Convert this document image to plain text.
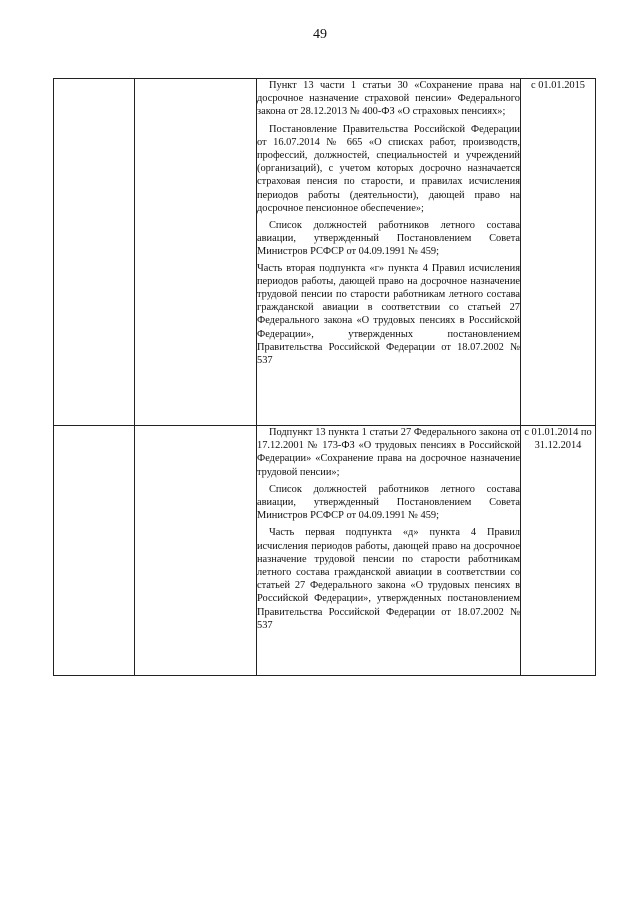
49

		Пункт 13 части 1 статьи 30 «Сохранение права на досрочное назначение страховой пенсии» Федерального закона от 28.12.2013 № 400-ФЗ «О страховых пенсиях»;

Постановление Правительства Российской Федерации от 16.07.2014 № 665 «О списках работ, производств, профессий, должностей, специальностей и учреждений (организаций), с учетом которых досрочно назначается страховая пенсия по старости, и правилах исчисления периодов работы (деятельности), дающей право на досрочное пенсионное обеспечение»;

Список должностей работников летного состава авиации, утвержденный Постановлением Совета Министров РСФСР от 04.09.1991 № 459;

Часть вторая подпункта «г» пункта 4 Правил исчисления периодов работы, дающей право на досрочное назначение трудовой пенсии по старости работникам летного состава гражданской авиации в соответствии со статьей 27 Федерального закона «О трудовых пенсиях в Российской Федерации», утвержденных постановлением Правительства Российской Федерации от 18.07.2002 № 537	с 01.01.2015

		Подпункт 13 пункта 1 статьи 27 Федерального закона от 17.12.2001 № 173-ФЗ «О трудовых пенсиях в Российской Федерации» «Сохранение права на досрочное назначение трудовой пенсии»;

Список должностей работников летного состава авиации, утвержденный Постановлением Совета Министров РСФСР от 04.09.1991 № 459;

Часть первая подпункта «д» пункта 4 Правил исчисления периодов работы, дающей право на досрочное назначение трудовой пенсии по старости работникам летного состава гражданской авиации в соответствии со статьей 27 Федерального закона «О трудовых пенсиях в Российской Федерации», утвержденных постановлением Правительства Российской Федерации от 18.07.2002 № 537	с 01.01.2014 по 31.12.2014
